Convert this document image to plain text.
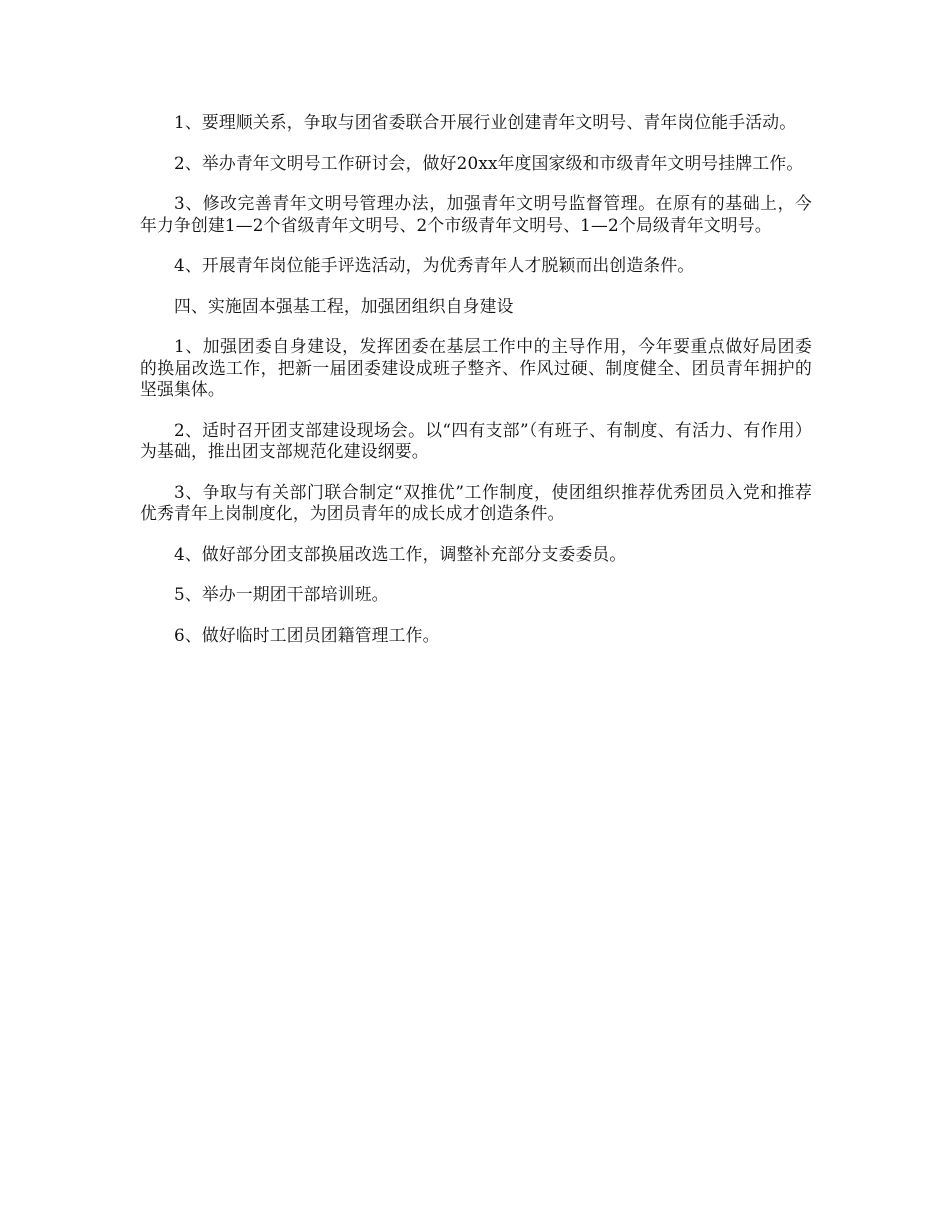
1、要理顺关系，争取与团省委联合开展行业创建青年文明号、青年岗位能手活动。

2、举办青年文明号工作研讨会，做好20xx年度国家级和市级青年文明号挂牌工作。

3、修改完善青年文明号管理办法，加强青年文明号监督管理。在原有的基础上，今年力争创建1—2个省级青年文明号、2个市级青年文明号、1—2个局级青年文明号。

4、开展青年岗位能手评选活动，为优秀青年人才脱颖而出创造条件。

四、实施固本强基工程，加强团组织自身建设

1、加强团委自身建设，发挥团委在基层工作中的主导作用，今年要重点做好局团委的换届改选工作，把新一届团委建设成班子整齐、作风过硬、制度健全、团员青年拥护的坚强集体。

2、适时召开团支部建设现场会。以“四有支部”（有班子、有制度、有活力、有作用）为基础，推出团支部规范化建设纲要。

3、争取与有关部门联合制定“双推优”工作制度，使团组织推荐优秀团员入党和推荐优秀青年上岗制度化，为团员青年的成长成才创造条件。

4、做好部分团支部换届改选工作，调整补充部分支委委员。

5、举办一期团干部培训班。

6、做好临时工团员团籍管理工作。
